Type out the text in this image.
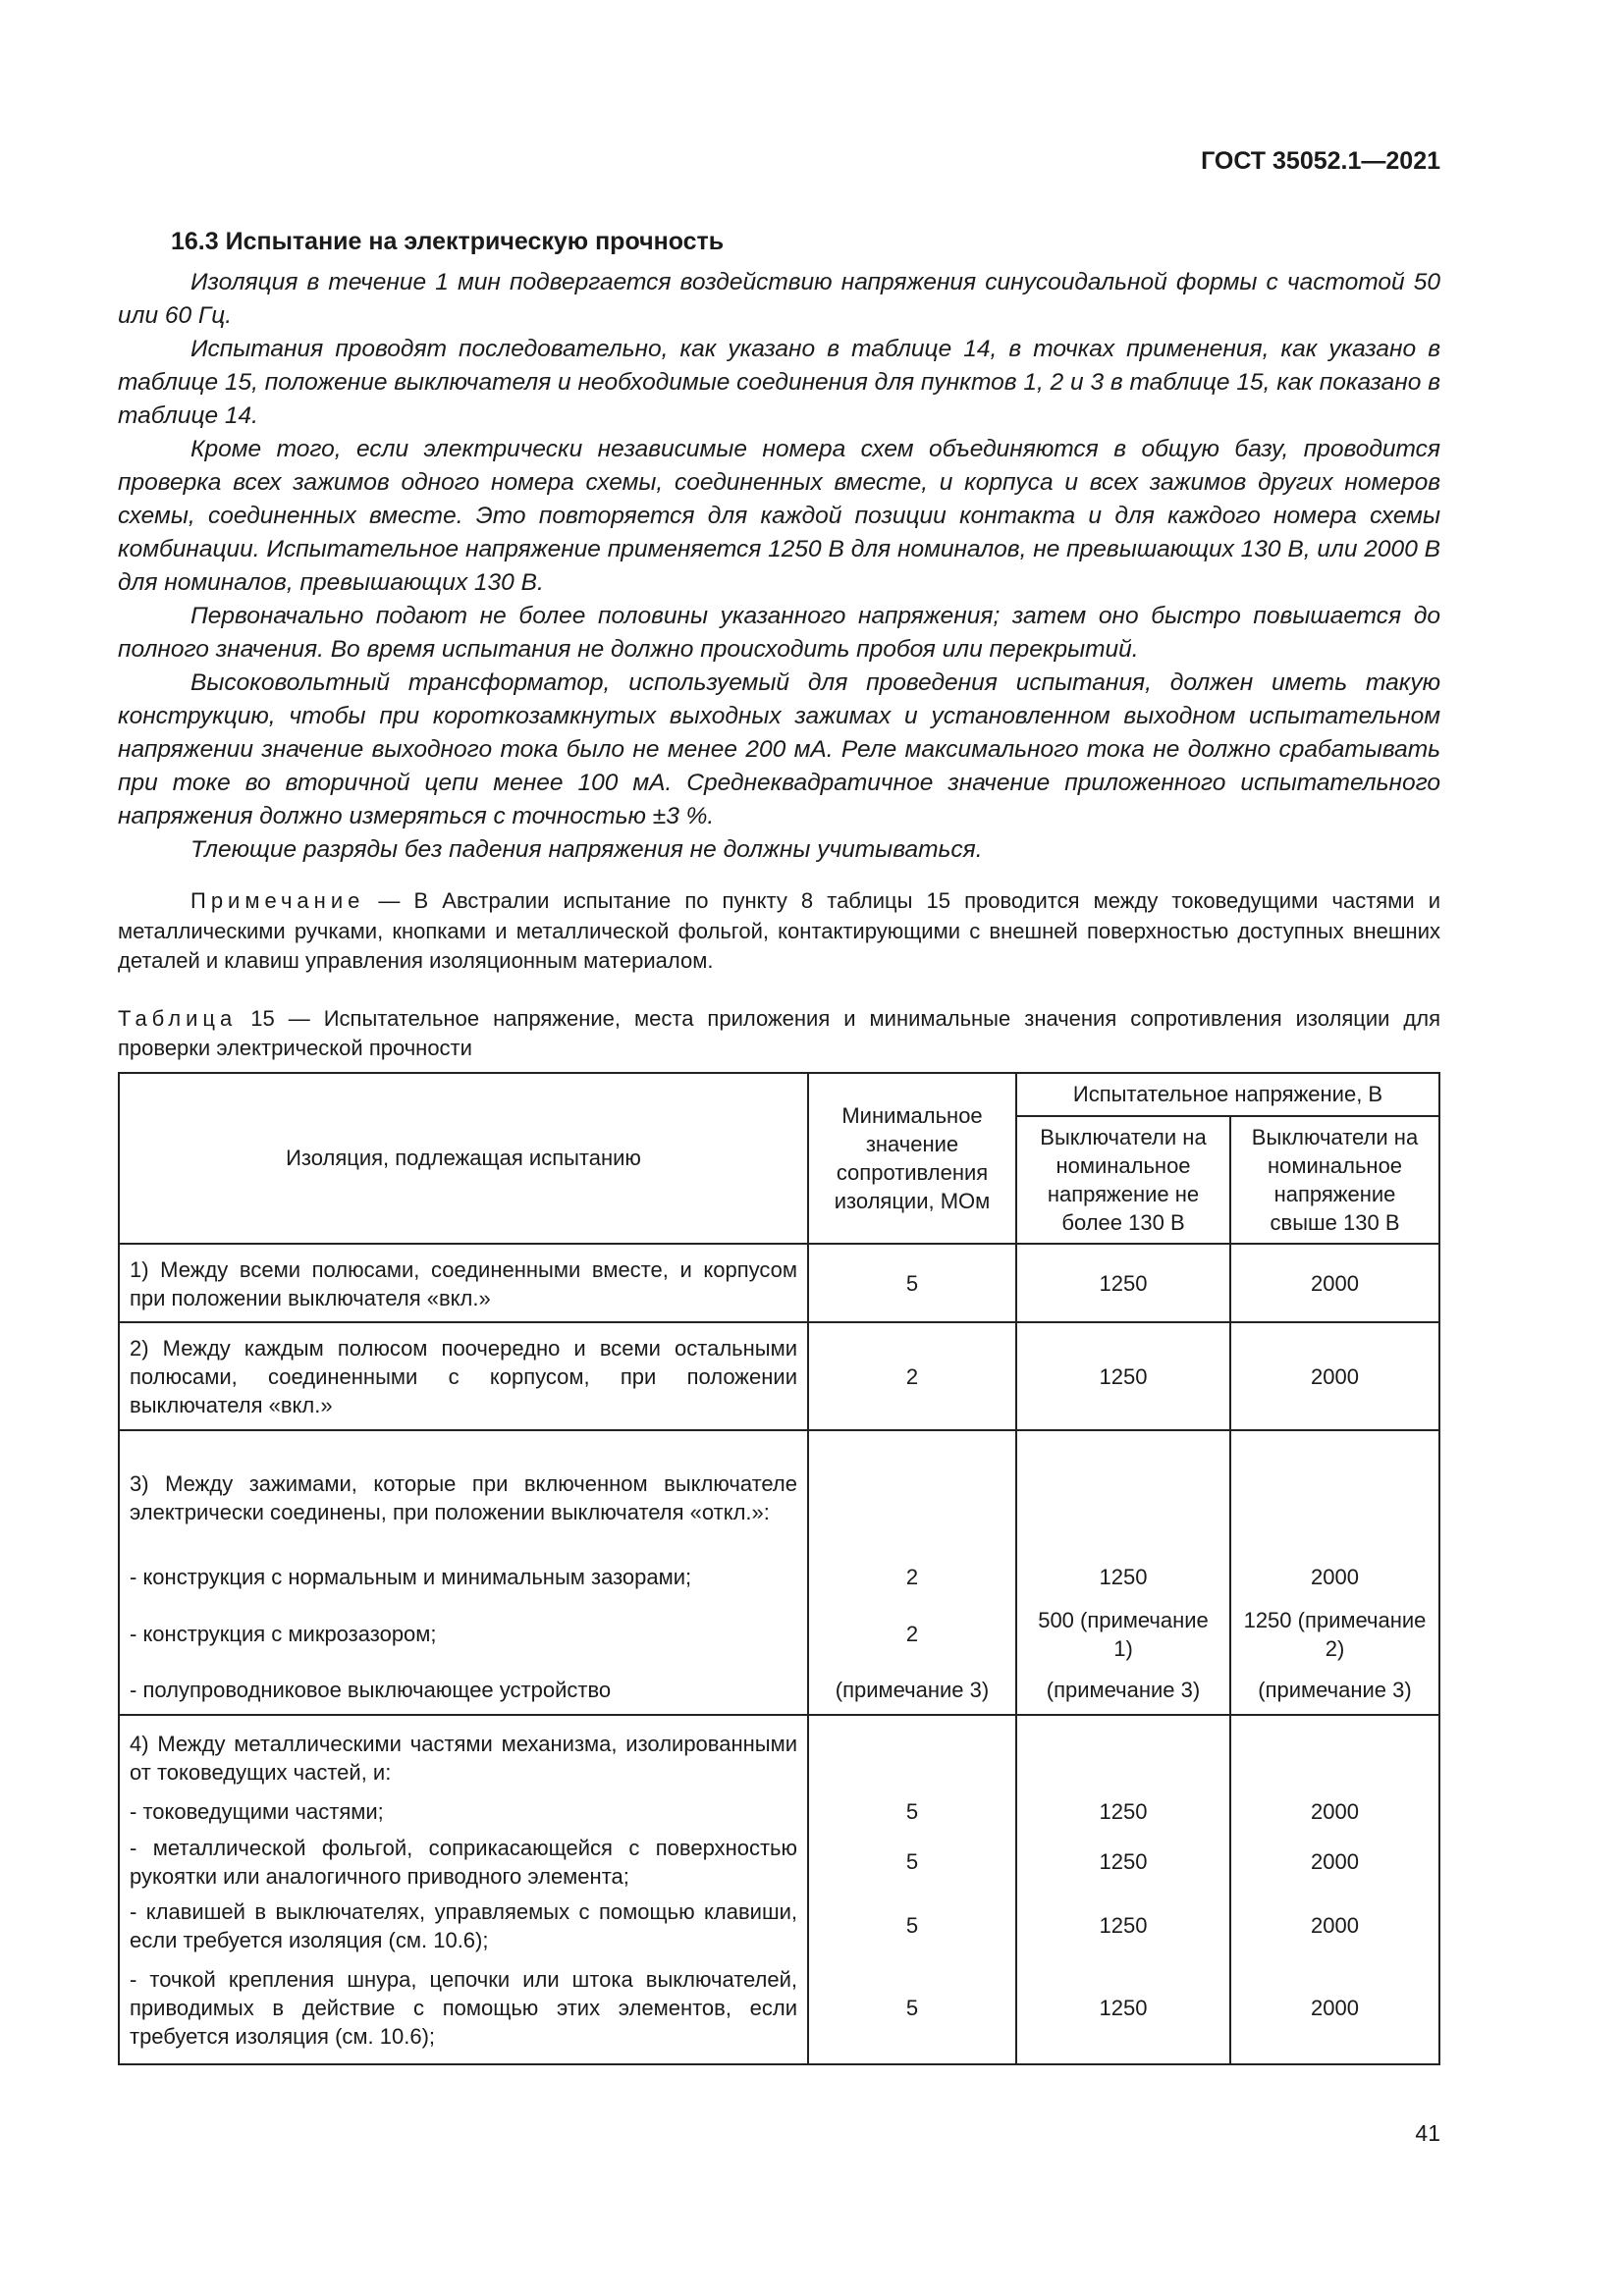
ГОСТ 35052.1—2021
16.3 Испытание на электрическую прочность

Изоляция в течение 1 мин подвергается воздействию напряжения синусоидальной формы с частотой 50 или 60 Гц.

Испытания проводят последовательно, как указано в таблице 14, в точках применения, как указано в таблице 15, положение выключателя и необходимые соединения для пунктов 1, 2 и 3 в таблице 15, как показано в таблице 14.

Кроме того, если электрически независимые номера схем объединяются в общую базу, проводится проверка всех зажимов одного номера схемы, соединенных вместе, и корпуса и всех зажимов других номеров схемы, соединенных вместе. Это повторяется для каждой позиции контакта и для каждого номера схемы комбинации. Испытательное напряжение применяется 1250 В для номиналов, не превышающих 130 В, или 2000 В для номиналов, превышающих 130 В.

Первоначально подают не более половины указанного напряжения; затем оно быстро повышается до полного значения. Во время испытания не должно происходить пробоя или перекрытий.

Высоковольтный трансформатор, используемый для проведения испытания, должен иметь такую конструкцию, чтобы при короткозамкнутых выходных зажимах и установленном выходном испытательном напряжении значение выходного тока было не менее 200 мА. Реле максимального тока не должно срабатывать при токе во вторичной цепи менее 100 мА. Среднеквадратичное значение приложенного испытательного напряжения должно измеряться с точностью ±3 %.

Тлеющие разряды без падения напряжения не должны учитываться.

Примечание — В Австралии испытание по пункту 8 таблицы 15 проводится между токоведущими частями и металлическими ручками, кнопками и металлической фольгой, контактирующими с внешней поверхностью доступных внешних деталей и клавиш управления изоляционным материалом.

Таблица 15 — Испытательное напряжение, места приложения и минимальные значения сопротивления изоляции для проверки электрической прочности

Изоляция, подлежащая испытанию	Минимальное значение сопротивления изоляции, МОм	Испытательное напряжение, В	
		Выключатели на номинальное напряжение не более 130 В	Выключатели на номинальное напряжение свыше 130 В
1) Между всеми полюсами, соединенными вместе, и корпусом при положении выключателя «вкл.»	5	1250	2000
2) Между каждым полюсом поочередно и всеми остальными полюсами, соединенными с корпусом, при положении выключателя «вкл.»	2	1250	2000
3) Между зажимами, которые при включенном выключателе электрически соединены, при положении выключателя «откл.»:			
- конструкция с нормальным и минимальным зазорами;	2	1250	2000
- конструкция с микрозазором;	2	500 (примечание 1)	1250 (примечание 2)
- полупроводниковое выключающее устройство	(примечание 3)	(примечание 3)	(примечание 3)
4) Между металлическими частями механизма, изолированными от токоведущих частей, и:			
- токоведущими частями;	5	1250	2000
- металлической фольгой, соприкасающейся с поверхностью рукоятки или аналогичного приводного элемента;	5	1250	2000
- клавишей в выключателях, управляемых с помощью клавиши, если требуется изоляция (см. 10.6);	5	1250	2000
- точкой крепления шнура, цепочки или штока выключателей, приводимых в действие с помощью этих элементов, если требуется изоляция (см. 10.6);	5	1250	2000
41
